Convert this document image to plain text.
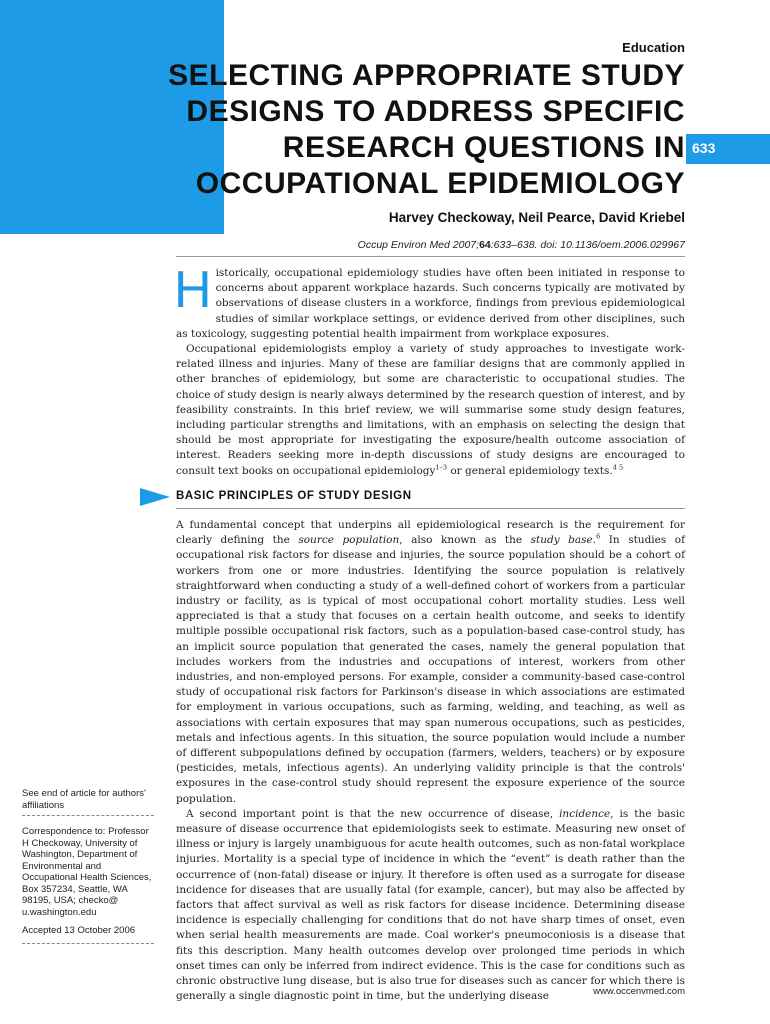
Education
SELECTING APPROPRIATE STUDY
DESIGNS TO ADDRESS SPECIFIC
RESEARCH QUESTIONS IN
OCCUPATIONAL EPIDEMIOLOGY
633
Harvey Checkoway, Neil Pearce, David Kriebel
Occup Environ Med 2007;64:633–638. doi: 10.1136/oem.2006.029967

Historically, occupational epidemiology studies have often been initiated in response to concerns about apparent workplace hazards. Such concerns typically are motivated by observations of disease clusters in a workforce, findings from previous epidemiological studies of similar workplace settings, or evidence derived from other disciplines, such as toxicology, suggesting potential health impairment from workplace exposures.

Occupational epidemiologists employ a variety of study approaches to investigate work-related illness and injuries. Many of these are familiar designs that are commonly applied in other branches of epidemiology, but some are characteristic to occupational studies. The choice of study design is nearly always determined by the research question of interest, and by feasibility constraints. In this brief review, we will summarise some study design features, including particular strengths and limitations, with an emphasis on selecting the design that should be most appropriate for investigating the exposure/health outcome association of interest. Readers seeking more in-depth discussions of study designs are encouraged to consult text books on occupational epidemiology$^{1-3}$ or general epidemiology texts.$^{4 5}$

BASIC PRINCIPLES OF STUDY DESIGN

A fundamental concept that underpins all epidemiological research is the requirement for clearly defining the source population, also known as the study base.$^6$ In studies of occupational risk factors for disease and injuries, the source population should be a cohort of workers from one or more industries. Identifying the source population is relatively straightforward when conducting a study of a well-defined cohort of workers from a particular industry or facility, as is typical of most occupational cohort mortality studies. Less well appreciated is that a study that focuses on a certain health outcome, and seeks to identify multiple possible occupational risk factors, such as a population-based case-control study, has an implicit source population that generated the cases, namely the general population that includes workers from the industries and occupations of interest, workers from other industries, and non-employed persons. For example, consider a community-based case-control study of occupational risk factors for Parkinson's disease in which associations are estimated for employment in various occupations, such as farming, welding, and teaching, as well as associations with certain exposures that may span numerous occupations, such as pesticides, metals and infectious agents. In this situation, the source population would include a number of different subpopulations defined by occupation (farmers, welders, teachers) or by exposure (pesticides, metals, infectious agents). An underlying validity principle is that the controls' exposures in the case-control study should represent the exposure experience of the source population.

A second important point is that the new occurrence of disease, incidence, is the basic measure of disease occurrence that epidemiologists seek to estimate. Measuring new onset of illness or injury is largely unambiguous for acute health outcomes, such as non-fatal workplace injuries. Mortality is a special type of incidence in which the “event” is death rather than the occurrence of (non-fatal) disease or injury. It therefore is often used as a surrogate for disease incidence for diseases that are usually fatal (for example, cancer), but may also be affected by factors that affect survival as well as risk factors for disease incidence. Determining disease incidence is especially challenging for conditions that do not have sharp times of onset, even when serial health measurements are made. Coal worker's pneumoconiosis is a disease that fits this description. Many health outcomes develop over prolonged time periods in which onset times can only be inferred from indirect evidence. This is the case for conditions such as chronic obstructive lung disease, but is also true for diseases such as cancer for which there is generally a single diagnostic point in time, but the underlying disease

See end of article for authors' affiliations
Correspondence to: Professor H Checkoway, University of Washington, Department of Environmental and Occupational Health Sciences, Box 357234, Seattle, WA 98195, USA; checko@ u.washington.edu
Accepted 13 October 2006
www.occenvmed.com
